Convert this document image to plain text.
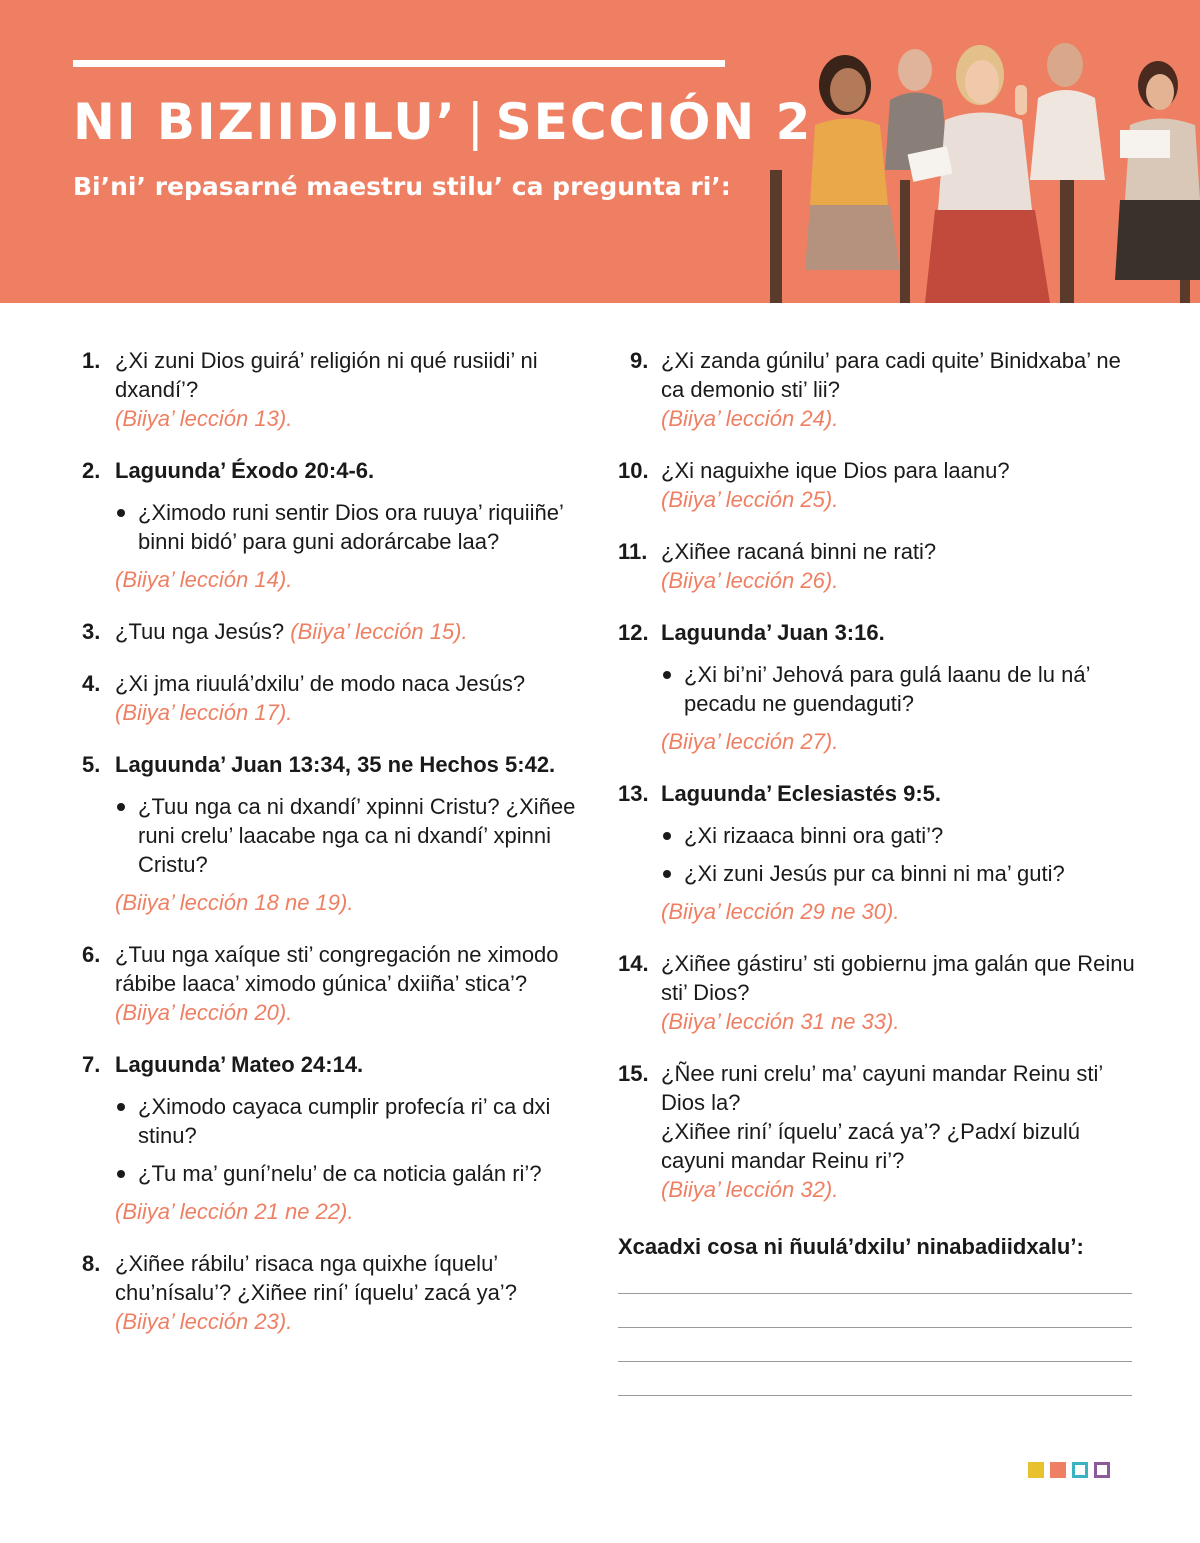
NI BIZIIDILU’ | SECCIÓN 2

Bi’ni’ repasarné maestru stilu’ ca pregunta ri’:

1. ¿Xi zuni Dios guirá’ religión ni qué rusiidi’ ni dxandí’?
(Biiya’ lección 13).
2. Laguunda’ Éxodo 20:4-6.
¿Ximodo runi sentir Dios ora ruuya’ riquiiñe’ binni bidó’ para guni adorárcabe laa?
(Biiya’ lección 14).
3. ¿Tuu nga Jesús? (Biiya’ lección 15).
4. ¿Xi jma riuulá’dxilu’ de modo naca Jesús?
(Biiya’ lección 17).
5. Laguunda’ Juan 13:34, 35 ne Hechos 5:42.
¿Tuu nga ca ni dxandí’ xpinni Cristu? ¿Xiñee runi crelu’ laacabe nga ca ni dxandí’ xpinni Cristu?
(Biiya’ lección 18 ne 19).
6. ¿Tuu nga xaíque sti’ congregación ne ximodo rábibe laaca’ ximodo gúnica’ dxiiña’ stica’?
(Biiya’ lección 20).
7. Laguunda’ Mateo 24:14.
¿Ximodo cayaca cumplir profecía ri’ ca dxi stinu?
¿Tu ma’ guní’nelu’ de ca noticia galán ri’?
(Biiya’ lección 21 ne 22).
8. ¿Xiñee rábilu’ risaca nga quixhe íquelu’ chu’nísalu’? ¿Xiñee riní’ íquelu’ zacá ya’?
(Biiya’ lección 23).
9. ¿Xi zanda gúnilu’ para cadi quite’ Binidxaba’ ne ca demonio sti’ lii?
(Biiya’ lección 24).
10. ¿Xi naguixhe ique Dios para laanu?
(Biiya’ lección 25).
11. ¿Xiñee racaná binni ne rati?
(Biiya’ lección 26).
12. Laguunda’ Juan 3:16.
¿Xi bi’ni’ Jehová para gulá laanu de lu ná’ pecadu ne guendaguti?
(Biiya’ lección 27).
13. Laguunda’ Eclesiastés 9:5.
¿Xi rizaaca binni ora gati’?
¿Xi zuni Jesús pur ca binni ni ma’ guti?
(Biiya’ lección 29 ne 30).
14. ¿Xiñee gástiru’ sti gobiernu jma galán que Reinu sti’ Dios?
(Biiya’ lección 31 ne 33).
15. ¿Ñee runi crelu’ ma’ cayuni mandar Reinu sti’ Dios la?
¿Xiñee riní’ íquelu’ zacá ya’? ¿Padxí bizulú cayuni mandar Reinu ri’?
(Biiya’ lección 32).
Xcaadxi cosa ni ñuulá’dxilu’ ninabadiidxalu’:
